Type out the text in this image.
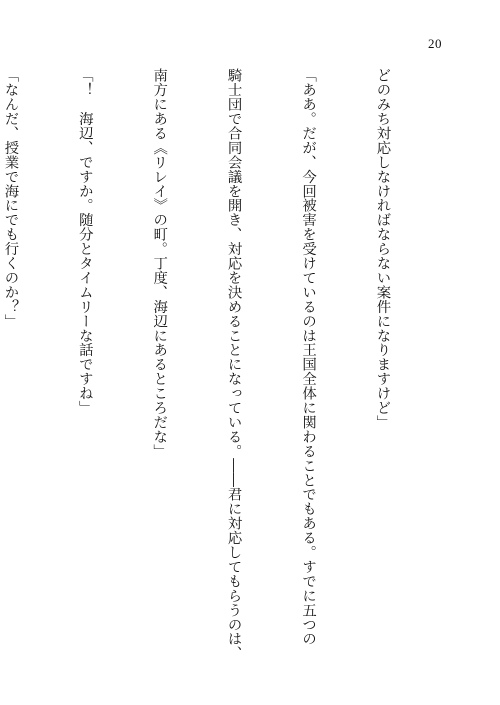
20

どのみち対応しなければならない案件になりますけど」

「ああ。だが、今回被害を受けているのは王国全体に関わることでもある。すでに五つの

騎士団で合同会議を開き、対応を決めることになっている。――君に対応してもらうのは、

南方にある《リレイ》の町。丁度、海辺にあるところだな」

「！　海辺、ですか。随分とタイムリーな話ですね」

「なんだ、授業で海にでも行くのか？」
